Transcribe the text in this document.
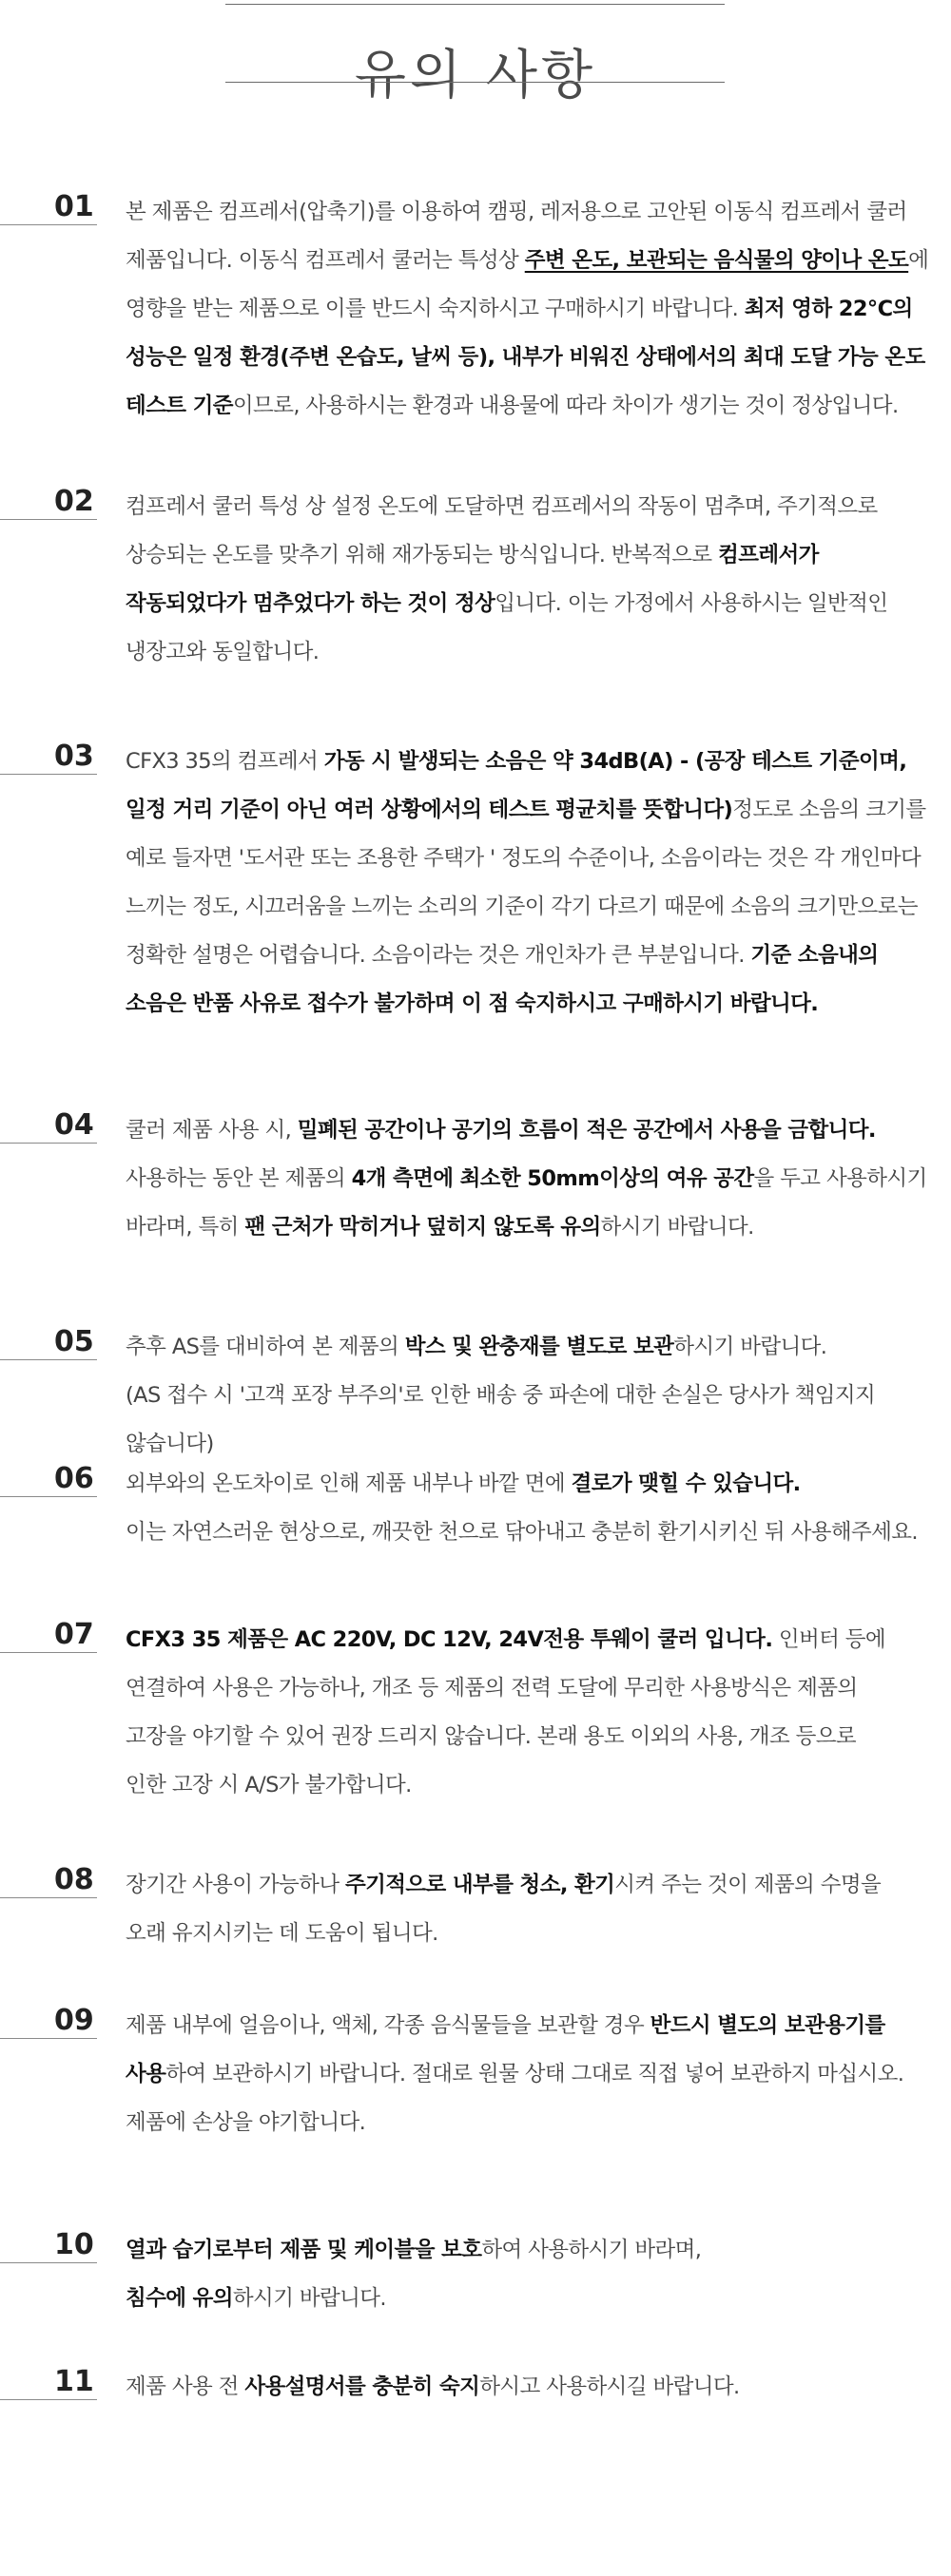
유의 사항
01 본 제품은 컴프레서(압축기)를 이용하여 캠핑, 레저용으로 고안된 이동식 컴프레서 쿨러
제품입니다. 이동식 컴프레서 쿨러는 특성상 주변 온도, 보관되는 음식물의 양이나 온도에
영향을 받는 제품으로 이를 반드시 숙지하시고 구매하시기 바랍니다. 최저 영하 22℃의
성능은 일정 환경(주변 온습도, 날씨 등), 내부가 비워진 상태에서의 최대 도달 가능 온도
테스트 기준이므로, 사용하시는 환경과 내용물에 따라 차이가 생기는 것이 정상입니다.
02 컴프레서 쿨러 특성 상 설정 온도에 도달하면 컴프레서의 작동이 멈추며, 주기적으로
상승되는 온도를 맞추기 위해 재가동되는 방식입니다. 반복적으로 컴프레서가
작동되었다가 멈추었다가 하는 것이 정상입니다. 이는 가정에서 사용하시는 일반적인
냉장고와 동일합니다.
03 CFX3 35의 컴프레서 가동 시 발생되는 소음은 약 34dB(A) - (공장 테스트 기준이며,
일정 거리 기준이 아닌 여러 상황에서의 테스트 평균치를 뜻합니다)정도로 소음의 크기를
예로 들자면 '도서관 또는 조용한 주택가 ' 정도의 수준이나, 소음이라는 것은 각 개인마다
느끼는 정도, 시끄러움을 느끼는 소리의 기준이 각기 다르기 때문에 소음의 크기만으로는
정확한 설명은 어렵습니다. 소음이라는 것은 개인차가 큰 부분입니다. 기준 소음내의
소음은 반품 사유로 접수가 불가하며 이 점 숙지하시고 구매하시기 바랍니다.
04 쿨러 제품 사용 시, 밀폐된 공간이나 공기의 흐름이 적은 공간에서 사용을 금합니다.
사용하는 동안 본 제품의 4개 측면에 최소한 50mm이상의 여유 공간을 두고 사용하시기
바라며, 특히 팬 근처가 막히거나 덮히지 않도록 유의하시기 바랍니다.
05 추후 AS를 대비하여 본 제품의 박스 및 완충재를 별도로 보관하시기 바랍니다.
(AS 접수 시 '고객 포장 부주의'로 인한 배송 중 파손에 대한 손실은 당사가 책임지지
않습니다)
06 외부와의 온도차이로 인해 제품 내부나 바깥 면에 결로가 맺힐 수 있습니다.
이는 자연스러운 현상으로, 깨끗한 천으로 닦아내고 충분히 환기시키신 뒤 사용해주세요.
07 CFX3 35 제품은 AC 220V, DC 12V, 24V전용 투웨이 쿨러 입니다. 인버터 등에
연결하여 사용은 가능하나, 개조 등 제품의 전력 도달에 무리한 사용방식은 제품의
고장을 야기할 수 있어 권장 드리지 않습니다. 본래 용도 이외의 사용, 개조 등으로
인한 고장 시 A/S가 불가합니다.
08 장기간 사용이 가능하나 주기적으로 내부를 청소, 환기시켜 주는 것이 제품의 수명을
오래 유지시키는 데 도움이 됩니다.
09 제품 내부에 얼음이나, 액체, 각종 음식물들을 보관할 경우 반드시 별도의 보관용기를
사용하여 보관하시기 바랍니다. 절대로 원물 상태 그대로 직접 넣어 보관하지 마십시오.
제품에 손상을 야기합니다.
10 열과 습기로부터 제품 및 케이블을 보호하여 사용하시기 바라며,
침수에 유의하시기 바랍니다.
11 제품 사용 전 사용설명서를 충분히 숙지하시고 사용하시길 바랍니다.
